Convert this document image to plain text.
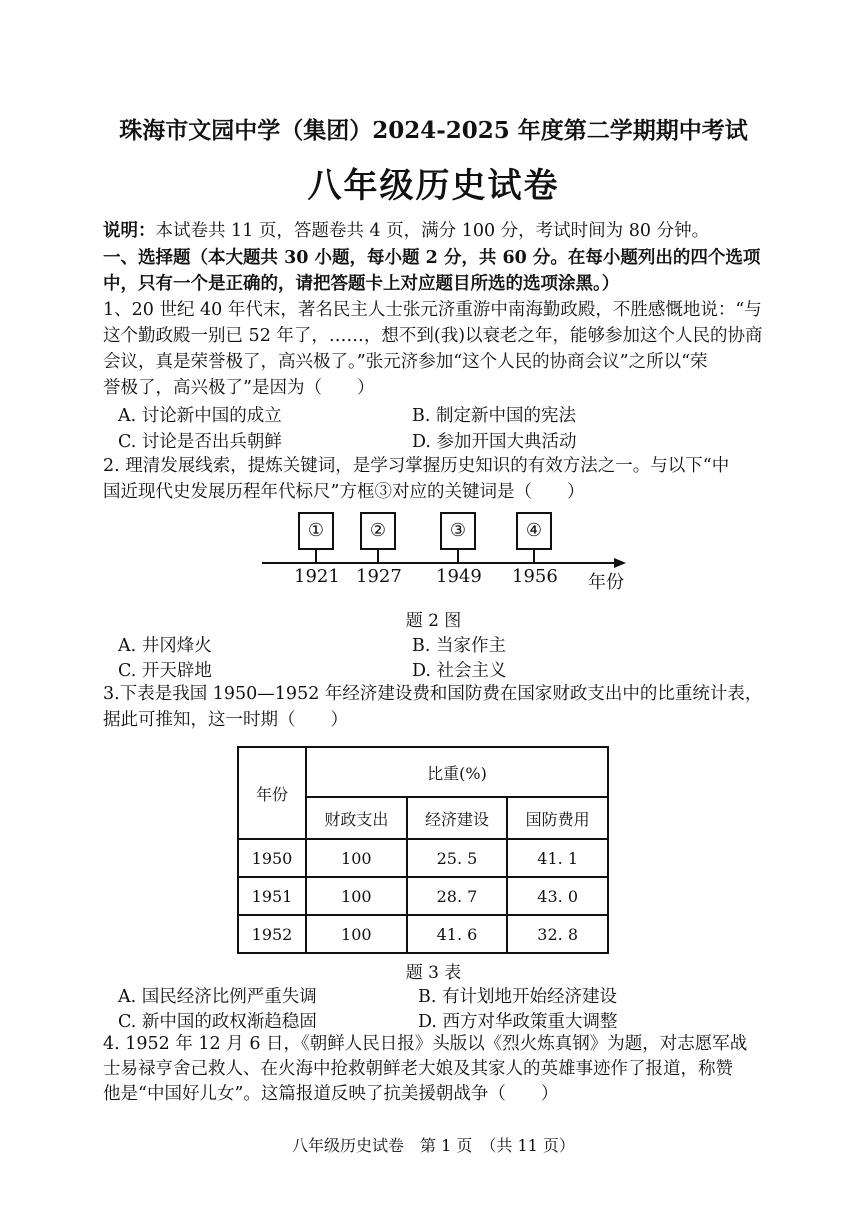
珠海市文园中学（集团）2024-2025 年度第二学期期中考试
八年级历史试卷
说明：本试卷共 11 页，答题卷共 4 页，满分 100 分，考试时间为 80 分钟。
一、选择题（本大题共 30 小题，每小题 2 分，共 60 分。在每小题列出的四个选项
中，只有一个是正确的，请把答题卡上对应题目所选的选项涂黑。）
1、20 世纪 40 年代末，著名民主人士张元济重游中南海勤政殿，不胜感慨地说：“与
这个勤政殿一别已 52 年了，……，想不到(我)以衰老之年，能够参加这个人民的协商
会议，真是荣誉极了，高兴极了。”张元济参加“这个人民的协商会议”之所以“荣
誉极了，高兴极了”是因为（　　）
A. 讨论新中国的成立	B. 制定新中国的宪法
C. 讨论是否出兵朝鲜	D. 参加开国大典活动
2. 理清发展线索，提炼关键词，是学习掌握历史知识的有效方法之一。与以下“中
国近现代史发展历程年代标尺”方框③对应的关键词是（　　）
①
1921
②
1927
③
1949
④
1956 年份
题 2 图
A. 井冈烽火	B. 当家作主
C. 开天辟地	D. 社会主义
3.下表是我国 1950—1952 年经济建设费和国防费在国家财政支出中的比重统计表，
据此可推知，这一时期（　　）
年份	比重(%)		
	财政支出	经济建设	国防费用
1950	100	25. 5	41. 1
1951	100	28. 7	43. 0
1952	100	41. 6	32. 8
题 3 表
A. 国民经济比例严重失调	B. 有计划地开始经济建设
C. 新中国的政权渐趋稳固	D. 西方对华政策重大调整
4. 1952 年 12 月 6 日，《朝鲜人民日报》头版以《烈火炼真钢》为题，对志愿军战
士易禄亨舍己救人、在火海中抢救朝鲜老大娘及其家人的英雄事迹作了报道，称赞
他是“中国好儿女”。这篇报道反映了抗美援朝战争（　　）
八年级历史试卷　第 1 页　（共 11 页）
